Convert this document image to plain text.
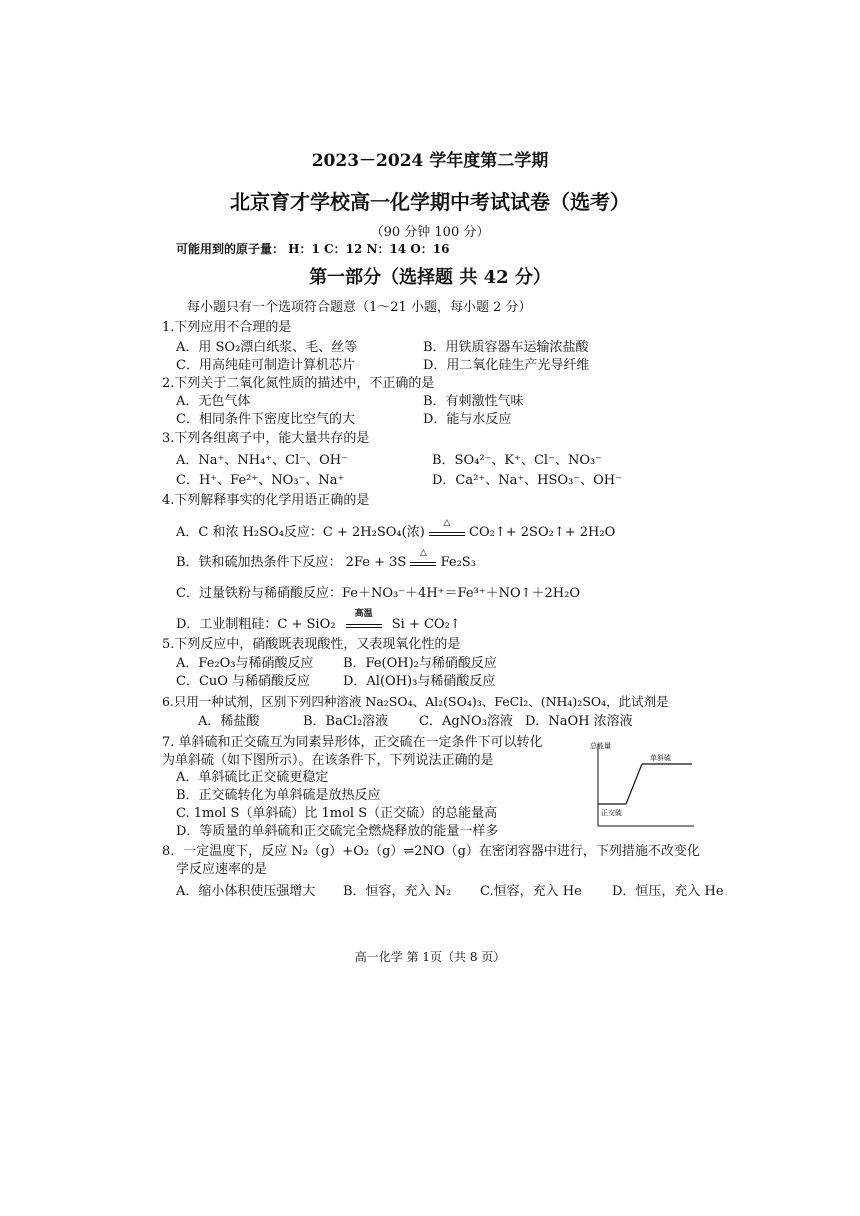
2023－2024 学年度第二学期
北京育才学校高一化学期中考试试卷（选考）
（90 分钟 100 分）
可能用到的原子量： H：1 C：12 N：14 O：16
第一部分（选择题 共 42 分）
每小题只有一个选项符合题意（1～21 小题，每小题 2 分）
1.下列应用不合理的是
A．用 SO₂漂白纸浆、毛、丝等	B．用铁质容器车运输浓盐酸
C．用高纯硅可制造计算机芯片	D．用二氧化硅生产光导纤维
2.下列关于二氧化氮性质的描述中，不正确的是
A．无色气体	B．有刺激性气味
C．相同条件下密度比空气的大	D．能与水反应
3.下列各组离子中，能大量共存的是
A．Na⁺、NH₄⁺、Cl⁻、OH⁻	B．SO₄²⁻、K⁺、Cl⁻、NO₃⁻
C．H⁺、Fe²⁺、NO₃⁻、Na⁺	D．Ca²⁺、Na⁺、HSO₃⁻、OH⁻
4.下列解释事实的化学用语正确的是
A．C 和浓 H₂SO₄反应：C + 2H₂SO₄(浓)
△
CO₂↑+ 2SO₂↑+ 2H₂O
B．铁和硫加热条件下反应： 2Fe + 3S
△
Fe₂S₃
C．过量铁粉与稀硝酸反应：Fe＋NO₃⁻＋4H⁺＝Fe³⁺＋NO↑＋2H₂O
D．工业制粗硅：C + SiO₂
高温
Si + CO₂↑
5.下列反应中，硝酸既表现酸性，又表现氧化性的是
A．Fe₂O₃与稀硝酸反应 B．Fe(OH)₂与稀硝酸反应
C．CuO 与稀硝酸反应	D．Al(OH)₃与稀硝酸反应
6.只用一种试剂，区别下列四种溶液 Na₂SO₄、Al₂(SO₄)₃、FeCl₂、(NH₄)₂SO₄，此试剂是
A．稀盐酸	B．BaCl₂溶液 C．AgNO₃溶液 D．NaOH 浓溶液
7. 单斜硫和正交硫互为同素异形体，正交硫在一定条件下可以转化
为单斜硫（如下图所示）。在该条件下，下列说法正确的是
A．单斜硫比正交硫更稳定
B．正交硫转化为单斜硫是放热反应
C. 1mol S（单斜硫）比 1mol S（正交硫）的总能量高
D．等质量的单斜硫和正交硫完全燃烧释放的能量一样多
总能量
单斜硫
正交硫
8．一定温度下，反应 N₂（g）+O₂（g）⇌2NO（g）在密闭容器中进行，下列措施不改变化
学反应速率的是
A．缩小体积使压强增大 B．恒容，充入 N₂ C.恒容，充入 He D．恒压，充入 He
高一化学 第 1页（共 8 页）
